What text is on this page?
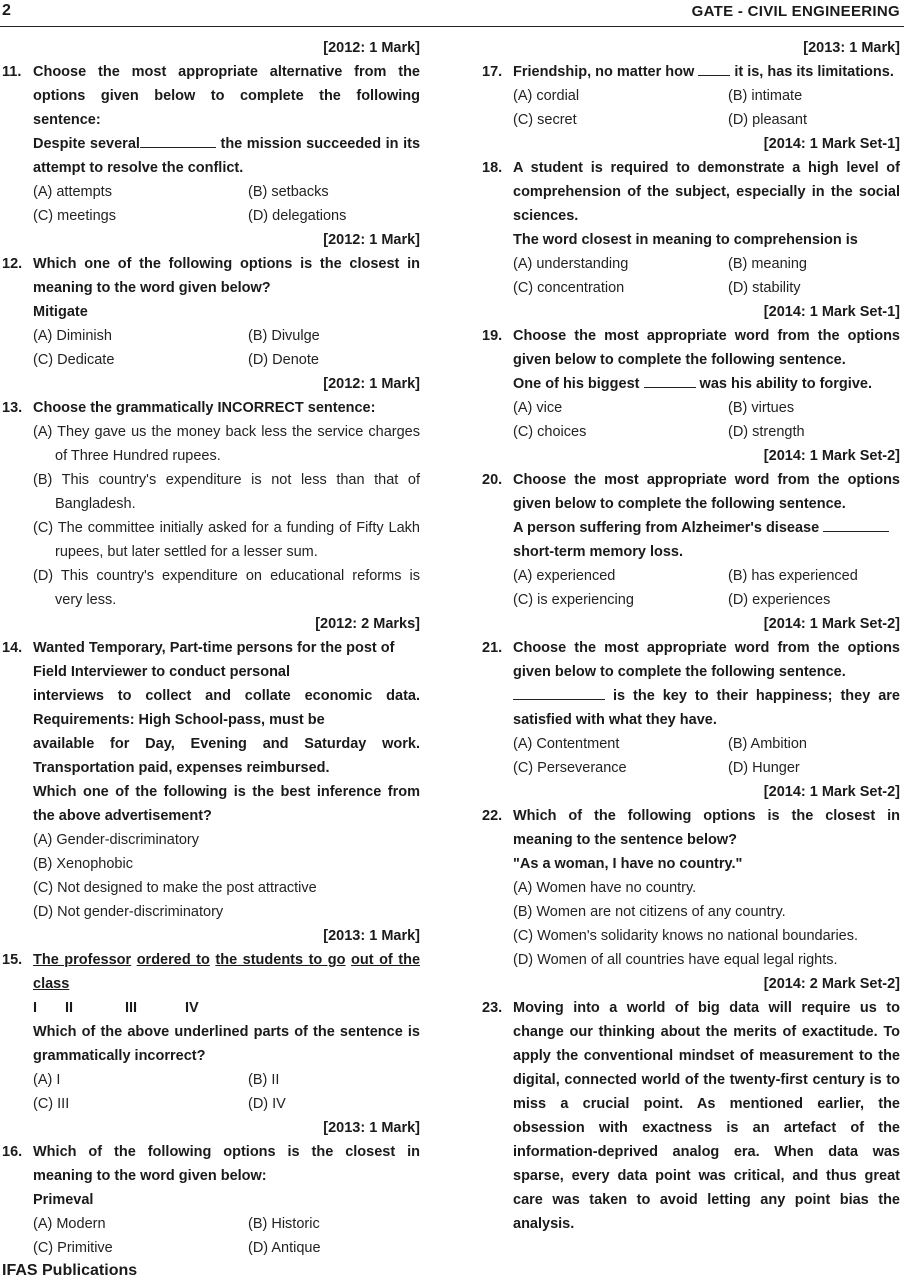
2	GATE - CIVIL ENGINEERING
[2012: 1 Mark]
11. Choose the most appropriate alternative from the options given below to complete the following sentence:
Despite several	the mission succeeded in its attempt to resolve the conflict.
(A) attempts	(B) setbacks
(C) meetings	(D) delegations
[2012: 1 Mark]
12. Which one of the following options is the closest in meaning to the word given below?
Mitigate
(A) Diminish	(B) Divulge
(C) Dedicate	(D) Denote
[2012: 1 Mark]
13. Choose the grammatically INCORRECT sentence:
(A) They gave us the money back less the service charges of Three Hundred rupees.
(B) This country's expenditure is not less than that of Bangladesh.
(C) The committee initially asked for a funding of Fifty Lakh rupees, but later settled for a lesser sum.
(D) This country's expenditure on educational reforms is very less.
[2012: 2 Marks]
14. Wanted Temporary, Part-time persons for the post of
Field Interviewer to conduct personal
interviews to collect and collate economic data.
Requirements: High School-pass, must be
available for Day, Evening and Saturday work.
Transportation paid, expenses reimbursed.
Which one of the following is the best inference from the above advertisement?
(A) Gender-discriminatory
(B) Xenophobic
(C) Not designed to make the post attractive
(D) Not gender-discriminatory
[2013: 1 Mark]
15. The professor ordered to the students to go out of the class
I	II	III	IV
Which of the above underlined parts of the sentence is grammatically incorrect?
(A) I	(B) II
(C) III	(D) IV
[2013: 1 Mark]
16. Which of the following options is the closest in meaning to the word given below:
Primeval
(A) Modern	(B) Historic
(C) Primitive	(D) Antique
[2013: 1 Mark]
17. Friendship, no matter how	it is, has its limitations.
(A) cordial	(B) intimate
(C) secret	(D) pleasant
[2014: 1 Mark Set-1]
18. A student is required to demonstrate a high level of comprehension of the subject, especially in the social sciences.
The word closest in meaning to comprehension is
(A) understanding	(B) meaning
(C) concentration	(D) stability
[2014: 1 Mark Set-1]
19. Choose the most appropriate word from the options given below to complete the following sentence.
One of his biggest	was his ability to forgive.
(A) vice	(B) virtues
(C) choices	(D) strength
[2014: 1 Mark Set-2]
20. Choose the most appropriate word from the options given below to complete the following sentence.
A person suffering from Alzheimer's disease
short-term memory loss.
(A) experienced	(B) has experienced
(C) is experiencing	(D) experiences
[2014: 1 Mark Set-2]
21. Choose the most appropriate word from the options given below to complete the following sentence.
is the key to their happiness; they are satisfied with what they have.
(A) Contentment	(B) Ambition
(C) Perseverance	(D) Hunger
[2014: 1 Mark Set-2]
22. Which of the following options is the closest in meaning to the sentence below?
"As a woman, I have no country."
(A) Women have no country.
(B) Women are not citizens of any country.
(C) Women's solidarity knows no national boundaries.
(D) Women of all countries have equal legal rights.
[2014: 2 Mark Set-2]
23. Moving into a world of big data will require us to change our thinking about the merits of exactitude. To apply the conventional mindset of measurement to the digital, connected world of the twenty-first century is to miss a crucial point. As mentioned earlier, the obsession with exactness is an artefact of the information-deprived analog era. When data was sparse, every data point was critical, and thus great care was taken to avoid letting any point bias the analysis.
IFAS Publications
